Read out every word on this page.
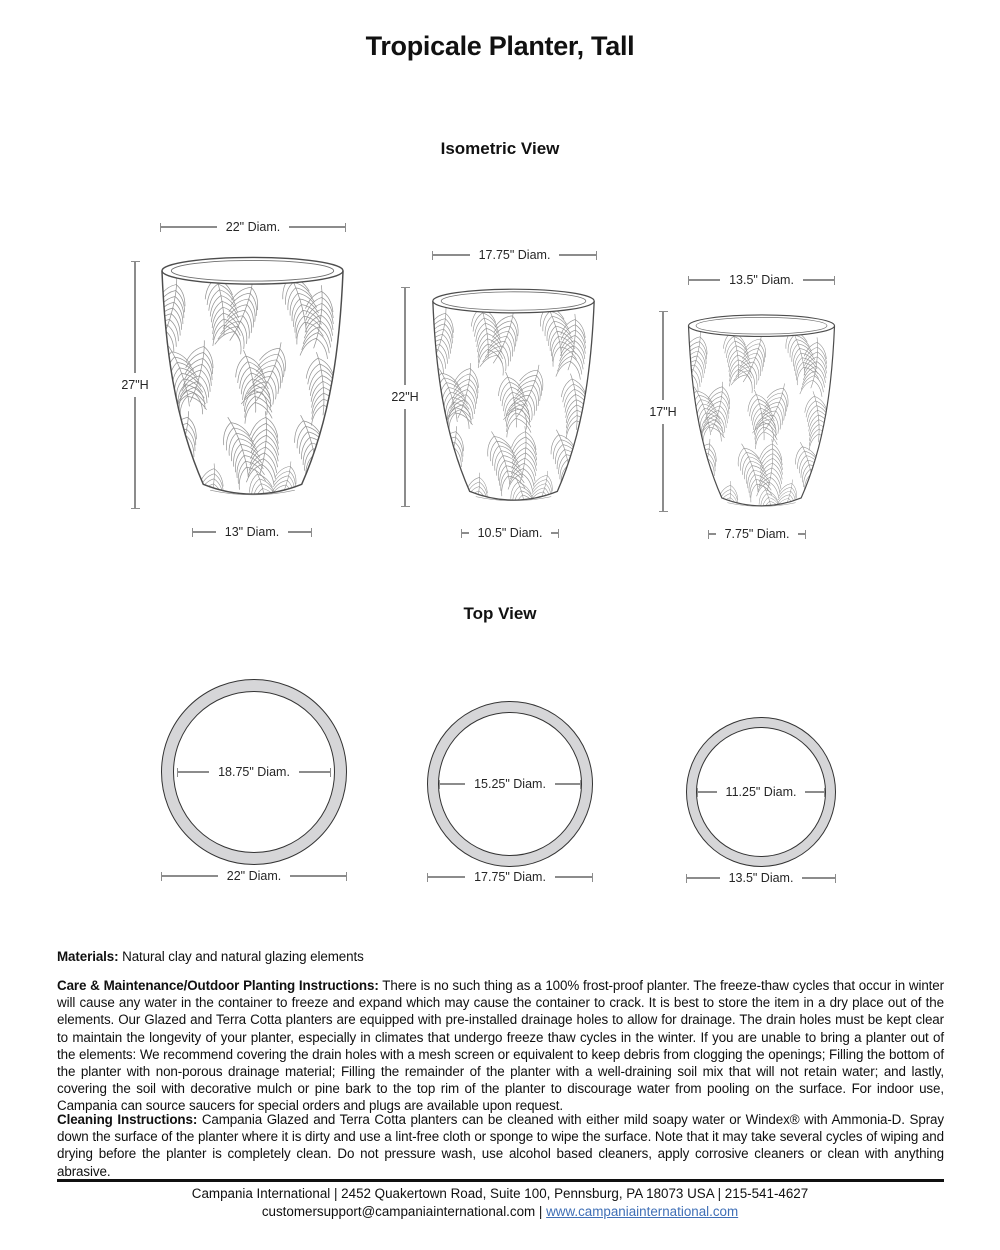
Tropicale Planter, Tall
Isometric View
22" Diam.
27"H
13" Diam.
17.75" Diam.
22"H
10.5" Diam.
13.5" Diam.
17"H
7.75" Diam.
Top View
18.75" Diam.
22" Diam.
15.25" Diam.
17.75" Diam.
11.25" Diam.
13.5" Diam.
Materials: Natural clay and natural glazing elements
Care & Maintenance/Outdoor Planting Instructions: There is no such thing as a 100% frost-proof planter. The freeze-thaw cycles that occur in winter will cause any water in the container to freeze and expand which may cause the container to crack. It is best to store the item in a dry place out of the elements. Our Glazed and Terra Cotta planters are equipped with pre-installed drainage holes to allow for drainage. The drain holes must be kept clear to maintain the longevity of your planter, especially in climates that undergo freeze thaw cycles in the winter. If you are unable to bring a planter out of the elements: We recommend covering the drain holes with a mesh screen or equivalent to keep debris from clogging the openings; Filling the bottom of the planter with non-porous drainage material; Filling the remainder of the planter with a well-draining soil mix that will not retain water; and lastly, covering the soil with decorative mulch or pine bark to the top rim of the planter to discourage water from pooling on the surface. For indoor use, Campania can source saucers for special orders and plugs are available upon request.
Cleaning Instructions: Campania Glazed and Terra Cotta planters can be cleaned with either mild soapy water or Windex® with Ammonia-D. Spray down the surface of the planter where it is dirty and use a lint-free cloth or sponge to wipe the surface. Note that it may take several cycles of wiping and drying before the planter is completely clean. Do not pressure wash, use alcohol based cleaners, apply corrosive cleaners or clean with anything abrasive.
Campania International | 2452 Quakertown Road, Suite 100, Pennsburg, PA 18073 USA | 215-541-4627
customersupport@campaniainternational.com | www.campaniainternational.com
